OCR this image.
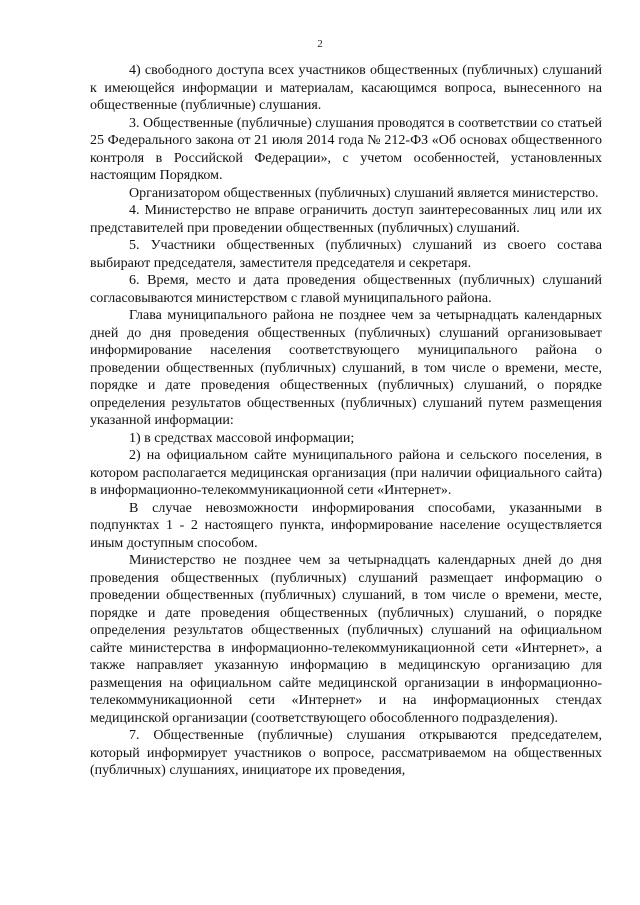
2

4) свободного доступа всех участников общественных (публичных) слушаний к имеющейся информации и материалам, касающимся вопроса, вынесенного на общественные (публичные) слушания.

3. Общественные (публичные) слушания проводятся в соответствии со статьей 25 Федерального закона от 21 июля 2014 года № 212-ФЗ «Об основах общественного контроля в Российской Федерации», с учетом особенностей, установленных настоящим Порядком.

Организатором общественных (публичных) слушаний является министерство.

4. Министерство не вправе ограничить доступ заинтересованных лиц или их представителей при проведении общественных (публичных) слушаний.

5. Участники общественных (публичных) слушаний из своего состава выбирают председателя, заместителя председателя и секретаря.

6. Время, место и дата проведения общественных (публичных) слушаний согласовываются министерством с главой муниципального района.

Глава муниципального района не позднее чем за четырнадцать календарных дней до дня проведения общественных (публичных) слушаний организовывает информирование населения соответствующего муниципального района о проведении общественных (публичных) слушаний, в том числе о времени, месте, порядке и дате проведения общественных (публичных) слушаний, о порядке определения результатов общественных (публичных) слушаний путем размещения указанной информации:

1) в средствах массовой информации;

2) на официальном сайте муниципального района и сельского поселения, в котором располагается медицинская организация (при наличии официального сайта) в информационно-телекоммуникационной сети «Интернет».

В случае невозможности информирования способами, указанными в подпунктах 1 - 2 настоящего пункта, информирование население осуществляется иным доступным способом.

Министерство не позднее чем за четырнадцать календарных дней до дня проведения общественных (публичных) слушаний размещает информацию о проведении общественных (публичных) слушаний, в том числе о времени, месте, порядке и дате проведения общественных (публичных) слушаний, о порядке определения результатов общественных (публичных) слушаний на официальном сайте министерства в информационно-телекоммуникационной сети «Интернет», а также направляет указанную информацию в медицинскую организацию для размещения на официальном сайте медицинской организации в информационно-телекоммуникационной сети «Интернет» и на информационных стендах медицинской организации (соответствующего обособленного подразделения).

7. Общественные (публичные) слушания открываются председателем, который информирует участников о вопросе, рассматриваемом на общественных (публичных) слушаниях, инициаторе их проведения,
